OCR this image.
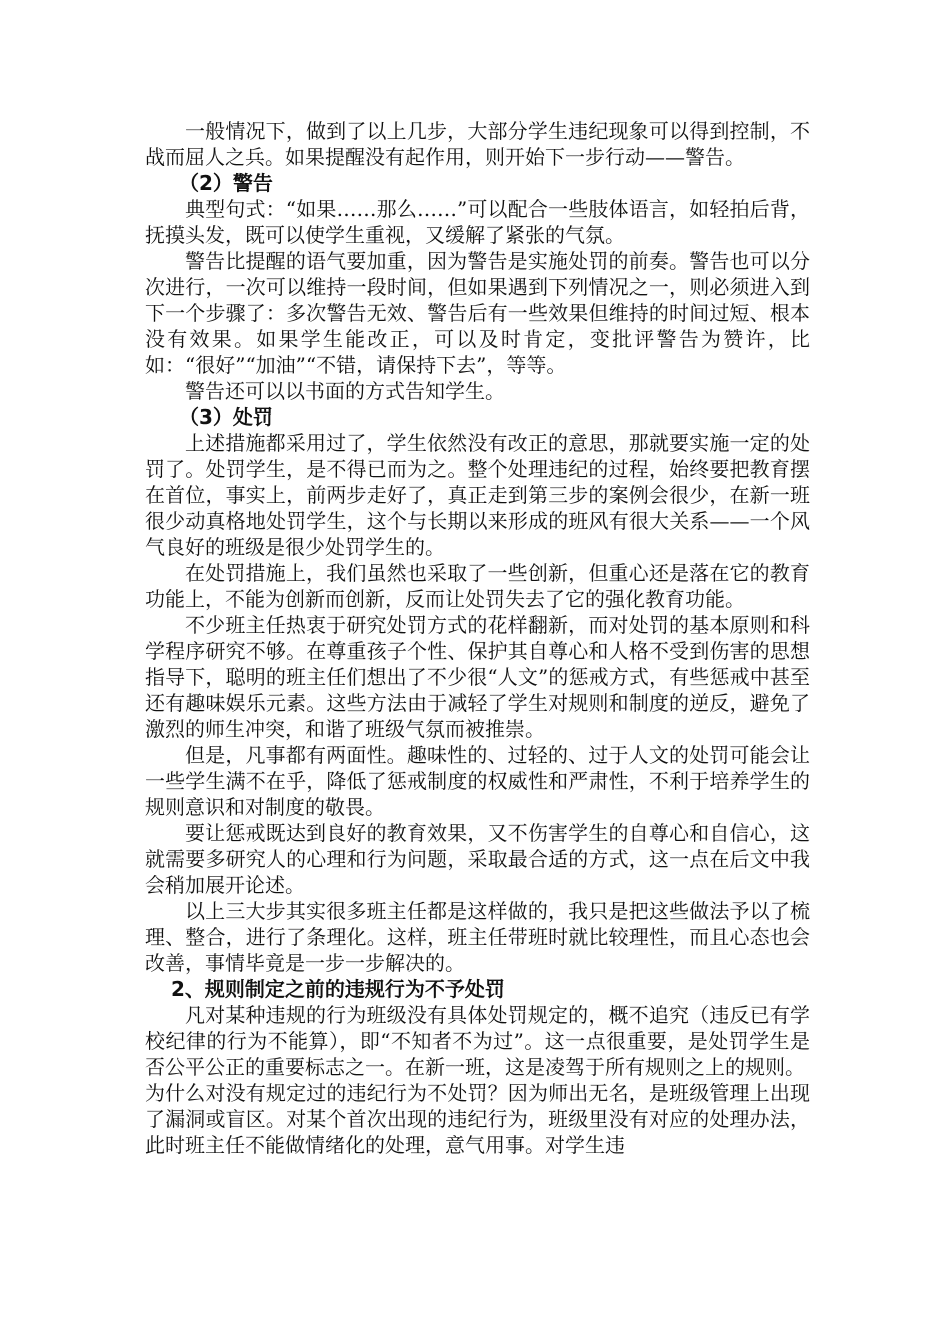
一般情况下，做到了以上几步，大部分学生违纪现象可以得到控制，不战而屈人之兵。如果提醒没有起作用，则开始下一步行动——警告。

（2）警告

典型句式：“如果……那么……”可以配合一些肢体语言，如轻拍后背，抚摸头发，既可以使学生重视，又缓解了紧张的气氛。

警告比提醒的语气要加重，因为警告是实施处罚的前奏。警告也可以分次进行，一次可以维持一段时间，但如果遇到下列情况之一，则必须进入到下一个步骤了：多次警告无效、警告后有一些效果但维持的时间过短、根本没有效果。如果学生能改正，可以及时肯定，变批评警告为赞许，比如：“很好”“加油”“不错，请保持下去”，等等。

警告还可以以书面的方式告知学生。

（3）处罚

上述措施都采用过了，学生依然没有改正的意思，那就要实施一定的处罚了。处罚学生，是不得已而为之。整个处理违纪的过程，始终要把教育摆在首位，事实上，前两步走好了，真正走到第三步的案例会很少，在新一班很少动真格地处罚学生，这个与长期以来形成的班风有很大关系——一个风气良好的班级是很少处罚学生的。

在处罚措施上，我们虽然也采取了一些创新，但重心还是落在它的教育功能上，不能为创新而创新，反而让处罚失去了它的强化教育功能。

不少班主任热衷于研究处罚方式的花样翻新，而对处罚的基本原则和科学程序研究不够。在尊重孩子个性、保护其自尊心和人格不受到伤害的思想指导下，聪明的班主任们想出了不少很“人文”的惩戒方式，有些惩戒中甚至还有趣味娱乐元素。这些方法由于减轻了学生对规则和制度的逆反，避免了激烈的师生冲突，和谐了班级气氛而被推崇。

但是，凡事都有两面性。趣味性的、过轻的、过于人文的处罚可能会让一些学生满不在乎，降低了惩戒制度的权威性和严肃性，不利于培养学生的规则意识和对制度的敬畏。

要让惩戒既达到良好的教育效果，又不伤害学生的自尊心和自信心，这就需要多研究人的心理和行为问题，采取最合适的方式，这一点在后文中我会稍加展开论述。

以上三大步其实很多班主任都是这样做的，我只是把这些做法予以了梳理、整合，进行了条理化。这样，班主任带班时就比较理性，而且心态也会改善，事情毕竟是一步一步解决的。

2、规则制定之前的违规行为不予处罚

凡对某种违规的行为班级没有具体处罚规定的，概不追究（违反已有学校纪律的行为不能算），即“不知者不为过”。这一点很重要，是处罚学生是否公平公正的重要标志之一。在新一班，这是凌驾于所有规则之上的规则。

为什么对没有规定过的违纪行为不处罚？因为师出无名，是班级管理上出现了漏洞或盲区。对某个首次出现的违纪行为，班级里没有对应的处理办法，此时班主任不能做情绪化的处理，意气用事。对学生违
